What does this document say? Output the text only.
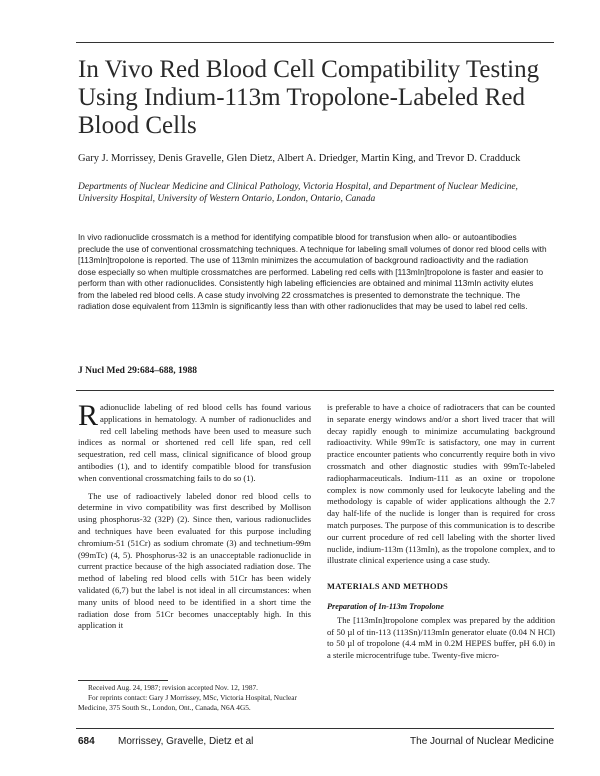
In Vivo Red Blood Cell Compatibility Testing Using Indium-113m Tropolone-Labeled Red Blood Cells

Gary J. Morrissey, Denis Gravelle, Glen Dietz, Albert A. Driedger, Martin King, and Trevor D. Cradduck

Departments of Nuclear Medicine and Clinical Pathology, Victoria Hospital, and Department of Nuclear Medicine, University Hospital, University of Western Ontario, London, Ontario, Canada

In vivo radionuclide crossmatch is a method for identifying compatible blood for transfusion when allo- or autoantibodies preclude the use of conventional crossmatching techniques. A technique for labeling small volumes of donor red blood cells with [113mIn]tropolone is reported. The use of 113mIn minimizes the accumulation of background radioactivity and the radiation dose especially so when multiple crossmatches are performed. Labeling red cells with [113mIn]tropolone is faster and easier to perform than with other radionuclides. Consistently high labeling efficiencies are obtained and minimal 113mIn activity elutes from the labeled red blood cells. A case study involving 22 crossmatches is presented to demonstrate the technique. The radiation dose equivalent from 113mIn is significantly less than with other radionuclides that may be used to label red cells.

J Nucl Med 29:684–688, 1988

Radionuclide labeling of red blood cells has found various applications in hematology. A number of radionuclides and red cell labeling methods have been used to measure such indices as normal or shortened red cell life span, red cell sequestration, red cell mass, clinical significance of blood group antibodies (1), and to identify compatible blood for transfusion when conventional crossmatching fails to do so (1).

The use of radioactively labeled donor red blood cells to determine in vivo compatibility was first described by Mollison using phosphorus-32 (32P) (2). Since then, various radionuclides and techniques have been evaluated for this purpose including chromium-51 (51Cr) as sodium chromate (3) and technetium-99m (99mTc) (4, 5). Phosphorus-32 is an unacceptable radionuclide in current practice because of the high associated radiation dose. The method of labeling red blood cells with 51Cr has been widely validated (6,7) but the label is not ideal in all circumstances: when many units of blood need to be identified in a short time the radiation dose from 51Cr becomes unacceptably high. In this application it

is preferable to have a choice of radiotracers that can be counted in separate energy windows and/or a short lived tracer that will decay rapidly enough to minimize accumulating background radioactivity. While 99mTc is satisfactory, one may in current practice encounter patients who concurrently require both in vivo crossmatch and other diagnostic studies with 99mTc-labeled radiopharmaceuticals. Indium-111 as an oxine or tropolone complex is now commonly used for leukocyte labeling and the methodology is capable of wider applications although the 2.7 day half-life of the nuclide is longer than is required for cross match purposes. The purpose of this communication is to describe our current procedure of red cell labeling with the shorter lived nuclide, indium-113m (113mIn), as the tropolone complex, and to illustrate clinical experience using a case study.

MATERIALS AND METHODS

Preparation of In-113m Tropolone

The [113mIn]tropolone complex was prepared by the addition of 50 µl of tin-113 (113Sn)/113mIn generator eluate (0.04 N HCl) to 50 µl of tropolone (4.4 mM in 0.2M HEPES buffer, pH 6.0) in a sterile microcentrifuge tube. Twenty-five micro-

Received Aug. 24, 1987; revision accepted Nov. 12, 1987.

For reprints contact: Gary J Morrissey, MSc, Victoria Hospital, Nuclear Medicine, 375 South St., London, Ont., Canada, N6A 4G5.

684 Morrissey, Gravelle, Dietz et al	The Journal of Nuclear Medicine
